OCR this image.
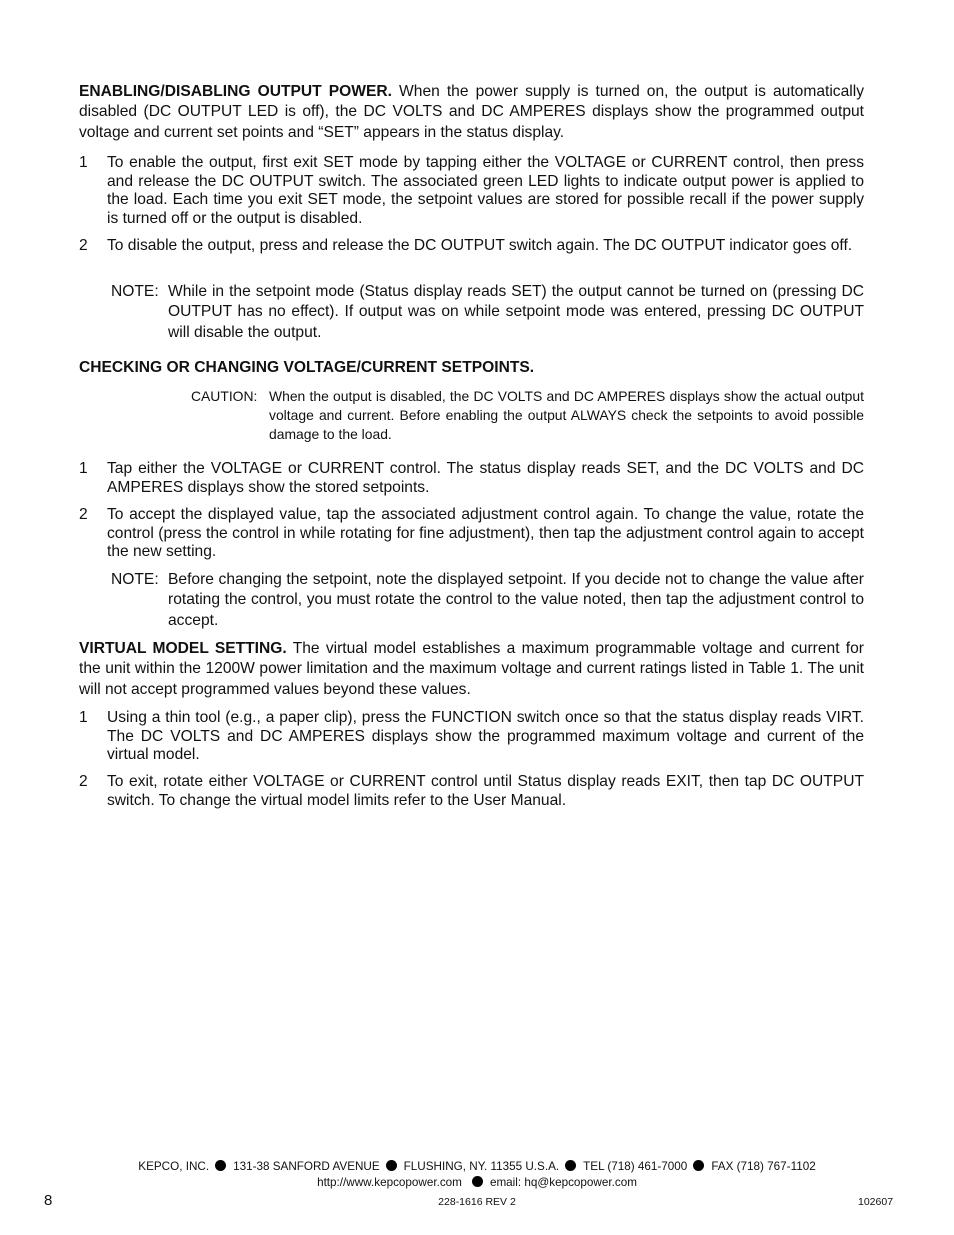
ENABLING/DISABLING OUTPUT POWER. When the power supply is turned on, the output is automatically disabled (DC OUTPUT LED is off), the DC VOLTS and DC AMPERES displays show the programmed output voltage and current set points and “SET” appears in the status display.

1 To enable the output, first exit SET mode by tapping either the VOLTAGE or CURRENT control, then press and release the DC OUTPUT switch. The associated green LED lights to indicate output power is applied to the load. Each time you exit SET mode, the setpoint values are stored for possible recall if the power supply is turned off or the output is disabled.
2 To disable the output, press and release the DC OUTPUT switch again. The DC OUTPUT indicator goes off.
NOTE: While in the setpoint mode (Status display reads SET) the output cannot be turned on (pressing DC OUTPUT has no effect). If output was on while setpoint mode was entered, pressing DC OUTPUT will disable the output.

CHECKING OR CHANGING VOLTAGE/CURRENT SETPOINTS.

CAUTION: When the output is disabled, the DC VOLTS and DC AMPERES displays show the actual output voltage and current. Before enabling the output ALWAYS check the setpoints to avoid possible damage to the load.
1 Tap either the VOLTAGE or CURRENT control. The status display reads SET, and the DC VOLTS and DC AMPERES displays show the stored setpoints.
2 To accept the displayed value, tap the associated adjustment control again. To change the value, rotate the control (press the control in while rotating for fine adjustment), then tap the adjustment control again to accept the new setting.
NOTE: Before changing the setpoint, note the displayed setpoint. If you decide not to change the value after rotating the control, you must rotate the control to the value noted, then tap the adjustment control to accept.

VIRTUAL MODEL SETTING. The virtual model establishes a maximum programmable voltage and current for the unit within the 1200W power limitation and the maximum voltage and current ratings listed in Table 1. The unit will not accept programmed values beyond these values.

1 Using a thin tool (e.g., a paper clip), press the FUNCTION switch once so that the status display reads VIRT. The DC VOLTS and DC AMPERES displays show the programmed maximum voltage and current of the virtual model.
2 To exit, rotate either VOLTAGE or CURRENT control until Status display reads EXIT, then tap DC OUTPUT switch. To change the virtual model limits refer to the User Manual.
KEPCO, INC. 131-38 SANFORD AVENUE FLUSHING, NY. 11355 U.S.A. TEL (718) 461-7000 FAX (718) 767-1102
http://www.kepcopower.com email: hq@kepcopower.com
8	228-1616 REV 2	102607
